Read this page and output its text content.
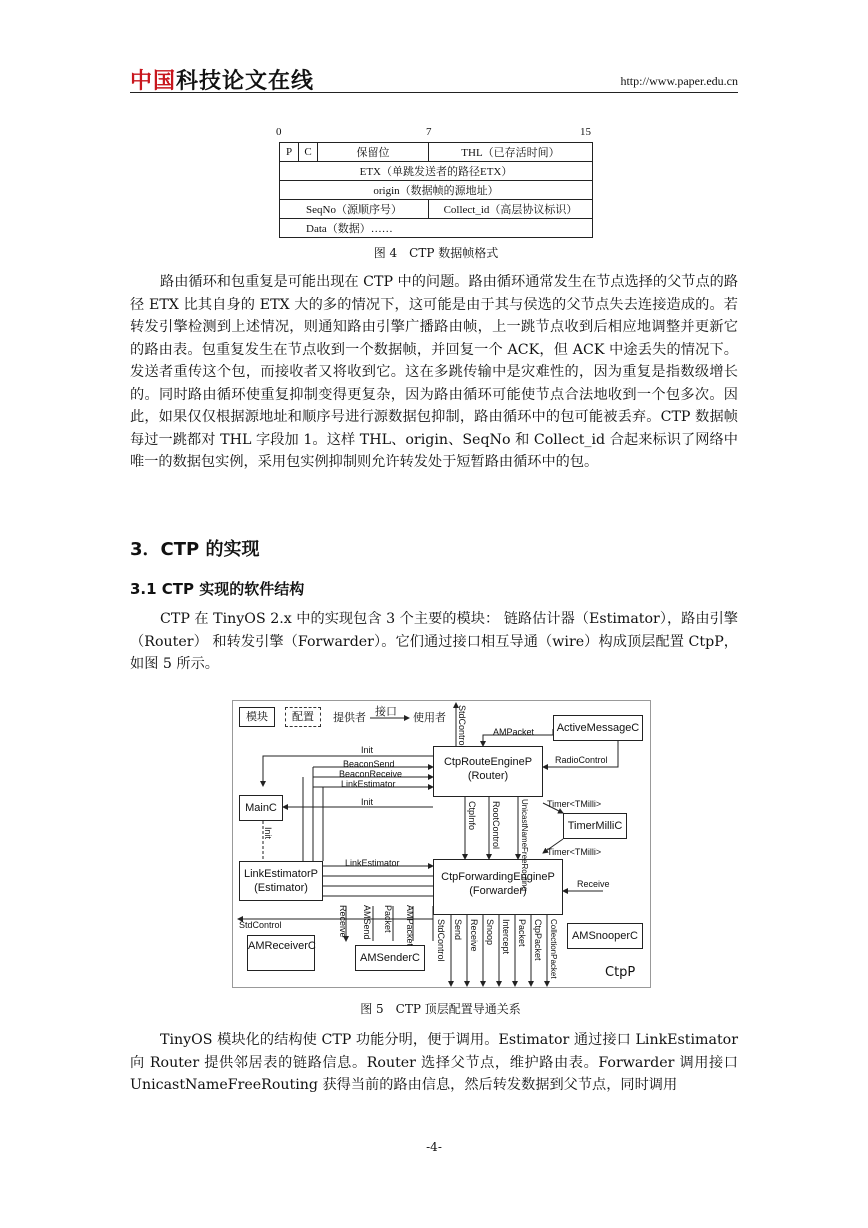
中国科技论文在线	http://www.paper.edu.cn
0	7	15
P	C	保留位	THL（已存活时间）
ETX（单跳发送者的路径ETX）			
origin（数据帧的源地址）			
SeqNo（源顺序号）			Collect_id（高层协议标识）
Data（数据）……			
图 4　CTP 数据帧格式

路由循环和包重复是可能出现在 CTP 中的问题。路由循环通常发生在节点选择的父节点的路径 ETX 比其自身的 ETX 大的多的情况下，这可能是由于其与侯选的父节点失去连接造成的。若转发引擎检测到上述情况，则通知路由引擎广播路由帧，上一跳节点收到后相应地调整并更新它的路由表。包重复发生在节点收到一个数据帧，并回复一个 ACK，但 ACK 中途丢失的情况下。发送者重传这个包，而接收者又将收到它。这在多跳传输中是灾难性的，因为重复是指数级增长的。同时路由循环使重复抑制变得更复杂，因为路由循环可能使节点合法地收到一个包多次。因此，如果仅仅根据源地址和顺序号进行源数据包抑制，路由循环中的包可能被丢弃。CTP 数据帧每过一跳都对 THL 字段加 1。这样 THL、origin、SeqNo 和 Collect_id 合起来标识了网络中唯一的数据包实例，采用包实例抑制则允许转发处于短暂路由循环中的包。

3．CTP 的实现
3.1 CTP 实现的软件结构

CTP 在 TinyOS 2.x 中的实现包含 3 个主要的模块： 链路估计器（Estimator），路由引擎（Router） 和转发引擎（Forwarder）。它们通过接口相互导通（wire）构成顶层配置 CtpP，如图 5 所示。

模块	配置	提供者 接口 使用者
CtpRouteEngineP
(Router)
ActiveMessageC
MainC
TimerMilliC
CtpForwardingEngineP
(Forwarder)
LinkEstimatorP
(Estimator)
AMReceiverC
AMSenderC
AMSnooperC
CtpP
Init
BeaconSend
BeaconReceive
LinkEstimator
Init
LinkEstimator
StdControl
AMPacket
RadioControl
Timer<TMilli>
Timer<TMilli>
Receive
Init
StdControl
CtpInfo RootControl UnicastNameFreeRouting
Receive AMSend Packet AMPacket StdControl Send Receive Snoop Intercept Packet CtpPacket CollectionPacket
图 5　CTP 顶层配置导通关系

TinyOS 模块化的结构使 CTP 功能分明，便于调用。Estimator 通过接口 LinkEstimator 向 Router 提供邻居表的链路信息。Router 选择父节点，维护路由表。Forwarder 调用接口 UnicastNameFreeRouting 获得当前的路由信息，然后转发数据到父节点，同时调用

-4-
